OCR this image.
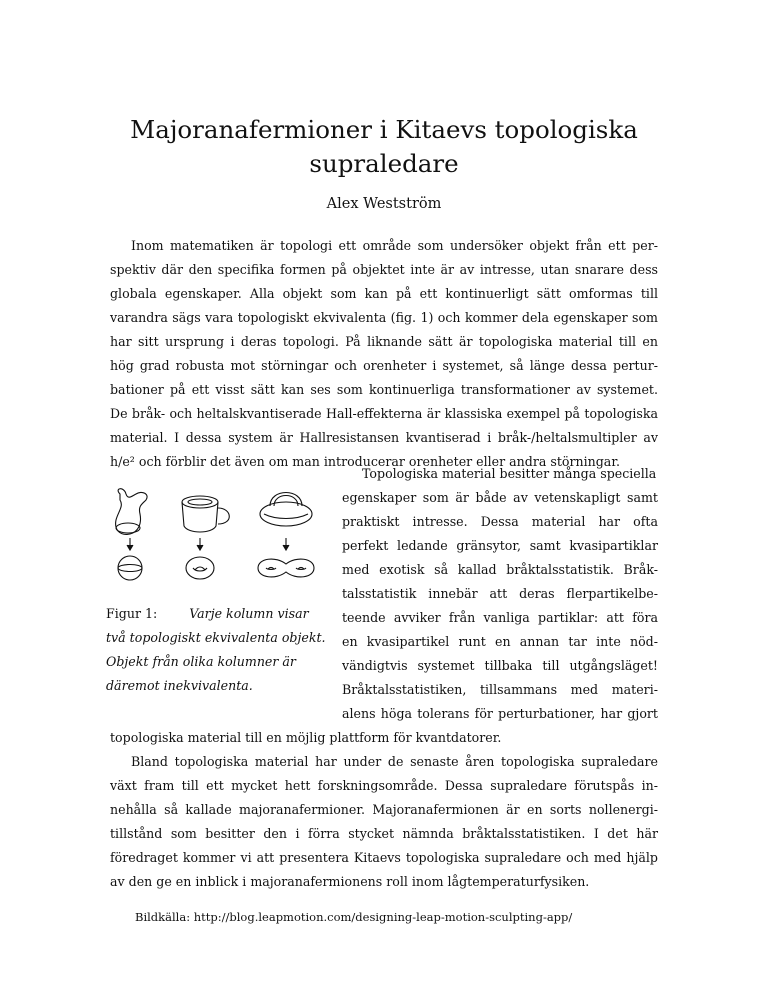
Majoranafermioner i Kitaevs topologiska
supraledare
Alex Westström
Inom matematiken är topologi ett område som undersöker objekt från ett per-
spektiv där den specifika formen på objektet inte är av intresse, utan snarare dess
globala egenskaper. Alla objekt som kan på ett kontinuerligt sätt omformas till
varandra sägs vara topologiskt ekvivalenta (fig. 1) och kommer dela egenskaper som
har sitt ursprung i deras topologi. På liknande sätt är topologiska material till en
hög grad robusta mot störningar och orenheter i systemet, så länge dessa pertur-
bationer på ett visst sätt kan ses som kontinuerliga transformationer av systemet.
De bråk- och heltalskvantiserade Hall-effekterna är klassiska exempel på topologiska
material. I dessa system är Hallresistansen kvantiserad i bråk-/heltalsmultipler av
h/e² och förblir det även om man introducerar orenheter eller andra störningar.
Figur 1:	Varje kolumn visar
två topologiskt ekvivalenta objekt.
Objekt från olika kolumner är
däremot inekvivalenta.
Topologiska material besitter många speciella
egenskaper som är både av vetenskapligt samt
praktiskt intresse. Dessa material har ofta
perfekt ledande gränsytor, samt kvasipartiklar
med exotisk så kallad bråktalsstatistik. Bråk-
talsstatistik innebär att deras flerpartikelbe-
teende avviker från vanliga partiklar: att föra
en kvasipartikel runt en annan tar inte nöd-
vändigtvis systemet tillbaka till utgångsläget!
Bråktalsstatistiken, tillsammans med materi-
alens höga tolerans för perturbationer, har gjort
topologiska material till en möjlig plattform för kvantdatorer.
Bland topologiska material har under de senaste åren topologiska supraledare
växt fram till ett mycket hett forskningsområde. Dessa supraledare förutspås in-
nehålla så kallade majoranafermioner. Majoranafermionen är en sorts nollenergi-
tillstånd som besitter den i förra stycket nämnda bråktalsstatistiken. I det här
föredraget kommer vi att presentera Kitaevs topologiska supraledare och med hjälp
av den ge en inblick i majoranafermionens roll inom lågtemperaturfysiken.
Bildkälla: http://blog.leapmotion.com/designing-leap-motion-sculpting-app/
